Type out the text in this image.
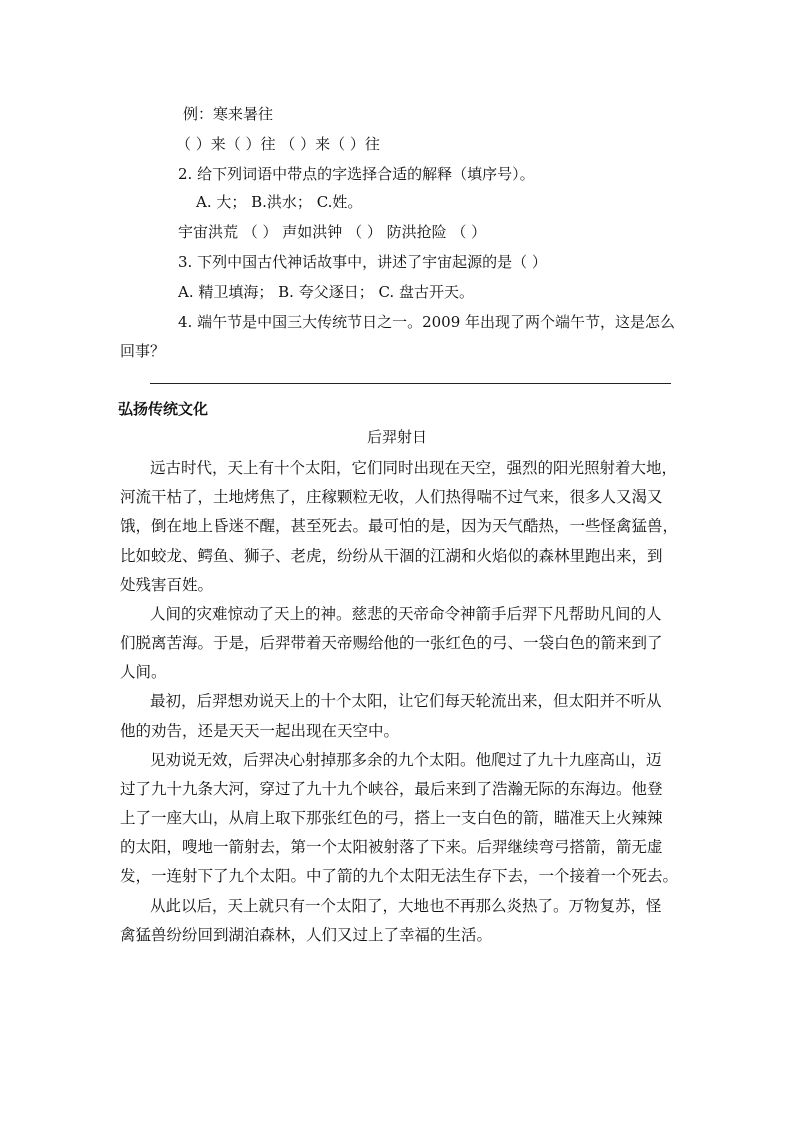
例：寒来暑往
（ ）来（ ）往 （ ）来（ ）往
2. 给下列词语中带点的字选择合适的解释（填序号）。
A. 大； B.洪水； C.姓。
宇宙洪荒 （ ） 声如洪钟 （ ） 防洪抢险 （ ）
3. 下列中国古代神话故事中，讲述了宇宙起源的是（ ）
A. 精卫填海； B. 夸父逐日； C. 盘古开天。
4. 端午节是中国三大传统节日之一。2009 年出现了两个端午节，这是怎么
回事？
弘扬传统文化
后羿射日
远古时代，天上有十个太阳，它们同时出现在天空，强烈的阳光照射着大地，
河流干枯了，土地烤焦了，庄稼颗粒无收，人们热得喘不过气来，很多人又渴又
饿，倒在地上昏迷不醒，甚至死去。最可怕的是，因为天气酷热，一些怪禽猛兽，
比如蛟龙、鳄鱼、狮子、老虎，纷纷从干涸的江湖和火焰似的森林里跑出来，到
处残害百姓。
人间的灾难惊动了天上的神。慈悲的天帝命令神箭手后羿下凡帮助凡间的人
们脱离苦海。于是，后羿带着天帝赐给他的一张红色的弓、一袋白色的箭来到了
人间。
最初，后羿想劝说天上的十个太阳，让它们每天轮流出来，但太阳并不听从
他的劝告，还是天天一起出现在天空中。
见劝说无效，后羿决心射掉那多余的九个太阳。他爬过了九十九座高山，迈
过了九十九条大河，穿过了九十九个峡谷，最后来到了浩瀚无际的东海边。他登
上了一座大山，从肩上取下那张红色的弓，搭上一支白色的箭，瞄准天上火辣辣
的太阳，嗖地一箭射去，第一个太阳被射落了下来。后羿继续弯弓搭箭，箭无虚
发，一连射下了九个太阳。中了箭的九个太阳无法生存下去，一个接着一个死去。
从此以后，天上就只有一个太阳了，大地也不再那么炎热了。万物复苏，怪
禽猛兽纷纷回到湖泊森林，人们又过上了幸福的生活。
